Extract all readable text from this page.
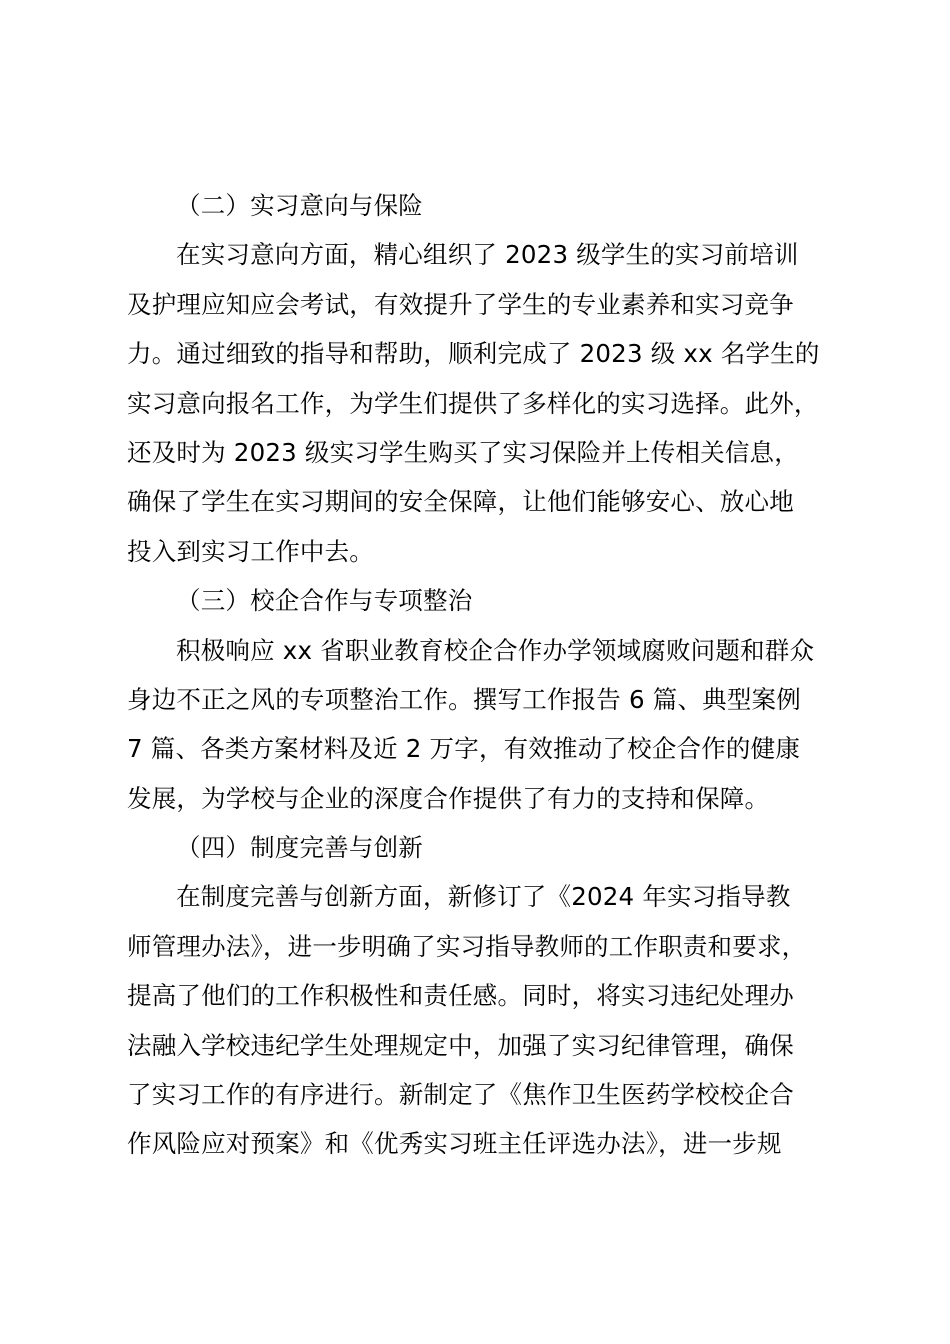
（二）实习意向与保险
在实习意向方面，精心组织了 2023 级学生的实习前培训
及护理应知应会考试，有效提升了学生的专业素养和实习竞争
力。通过细致的指导和帮助，顺利完成了 2023 级 xx 名学生的
实习意向报名工作，为学生们提供了多样化的实习选择。此外，
还及时为 2023 级实习学生购买了实习保险并上传相关信息，
确保了学生在实习期间的安全保障，让他们能够安心、放心地
投入到实习工作中去。
（三）校企合作与专项整治
积极响应 xx 省职业教育校企合作办学领域腐败问题和群众
身边不正之风的专项整治工作。撰写工作报告 6 篇、典型案例
7 篇、各类方案材料及近 2 万字，有效推动了校企合作的健康
发展，为学校与企业的深度合作提供了有力的支持和保障。
（四）制度完善与创新
在制度完善与创新方面，新修订了《2024 年实习指导教
师管理办法》，进一步明确了实习指导教师的工作职责和要求，
提高了他们的工作积极性和责任感。同时，将实习违纪处理办
法融入学校违纪学生处理规定中，加强了实习纪律管理，确保
了实习工作的有序进行。新制定了《焦作卫生医药学校校企合
作风险应对预案》和《优秀实习班主任评选办法》，进一步规
